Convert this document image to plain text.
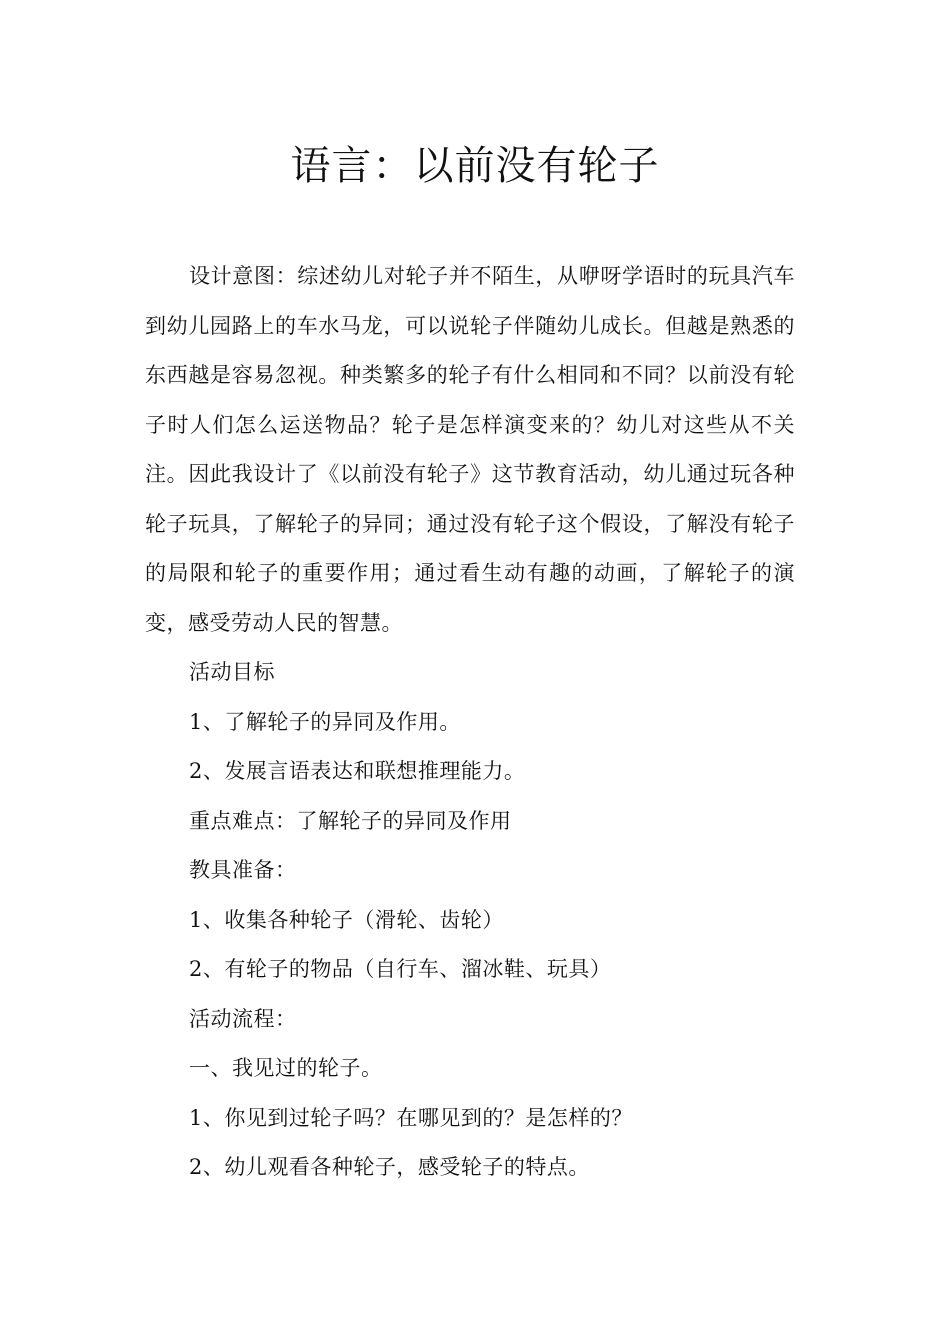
语言：以前没有轮子

设计意图：综述幼儿对轮子并不陌生，从咿呀学语时的玩具汽车到幼儿园路上的车水马龙，可以说轮子伴随幼儿成长。但越是熟悉的东西越是容易忽视。种类繁多的轮子有什么相同和不同？以前没有轮子时人们怎么运送物品？轮子是怎样演变来的？幼儿对这些从不关注。因此我设计了《以前没有轮子》这节教育活动，幼儿通过玩各种轮子玩具，了解轮子的异同；通过没有轮子这个假设，了解没有轮子的局限和轮子的重要作用；通过看生动有趣的动画，了解轮子的演变，感受劳动人民的智慧。

活动目标

1、了解轮子的异同及作用。

2、发展言语表达和联想推理能力。

重点难点：了解轮子的异同及作用

教具准备：

1、收集各种轮子（滑轮、齿轮）

2、有轮子的物品（自行车、溜冰鞋、玩具）

活动流程：

一、我见过的轮子。

1、你见到过轮子吗？在哪见到的？是怎样的？

2、幼儿观看各种轮子，感受轮子的特点。
